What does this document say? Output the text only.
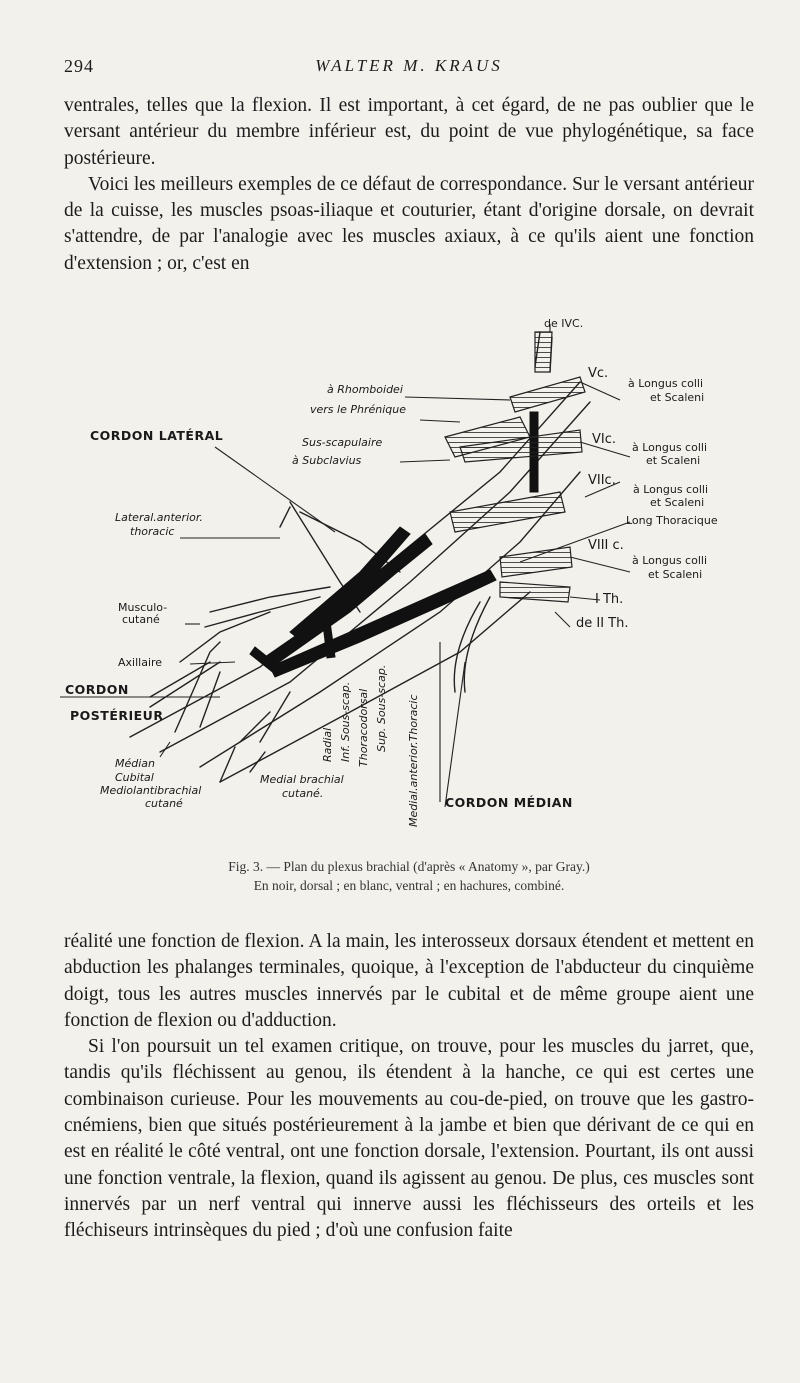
294	WALTER M. KRAUS

ventrales, telles que la flexion. Il est important, à cet égard, de ne pas oublier que le versant antérieur du membre inférieur est, du point de vue phylogénétique, sa face postérieure.

Voici les meilleurs exemples de ce défaut de correspondance. Sur le versant antérieur de la cuisse, les muscles psoas-iliaque et couturier, étant d'origine dorsale, on devrait s'attendre, de par l'analogie avec les muscles axiaux, à ce qu'ils aient une fonction d'extension ; or, c'est en

de IVC.
à Rhomboidei
vers le Phrénique
Sus-scapulaire
à Subclavius
CORDON LATÉRAL
Lateral.anterior.
thoracic
Musculo-
cutané
Axillaire
CORDON
POSTÉRIEUR
Médian
Cubital
Mediolantibrachial
cutané
Medial brachial
cutané.
Radial Inf. Sous-scap. Thoracodorsal Sup. Sous-scap. Medial.anterior.Thoracic CORDON MÉDIAN
Vc.
VIc.
VIIc.
VIII c.
I Th.
de II Th.
à Longus colli
et Scaleni
à Longus colli
et Scaleni
à Longus colli
et Scaleni
Long Thoracique
à Longus colli
et Scaleni
Fig. 3. — Plan du plexus brachial (d'après « Anatomy », par Gray.)
En noir, dorsal ; en blanc, ventral ; en hachures, combiné.

réalité une fonction de flexion. A la main, les interosseux dorsaux étendent et mettent en abduction les phalanges terminales, quoique, à l'exception de l'abducteur du cinquième doigt, tous les autres muscles innervés par le cubital et de même groupe aient une fonction de flexion ou d'adduction.

Si l'on poursuit un tel examen critique, on trouve, pour les muscles du jarret, que, tandis qu'ils fléchissent au genou, ils étendent à la hanche, ce qui est certes une combinaison curieuse. Pour les mouvements au cou-de-pied, on trouve que les gastro-cnémiens, bien que situés postérieurement à la jambe et bien que dérivant de ce qui en est en réalité le côté ventral, ont une fonction dorsale, l'extension. Pourtant, ils ont aussi une fonction ventrale, la flexion, quand ils agissent au genou. De plus, ces muscles sont innervés par un nerf ventral qui innerve aussi les fléchisseurs des orteils et les fléchiseurs intrinsèques du pied ; d'où une confusion faite
